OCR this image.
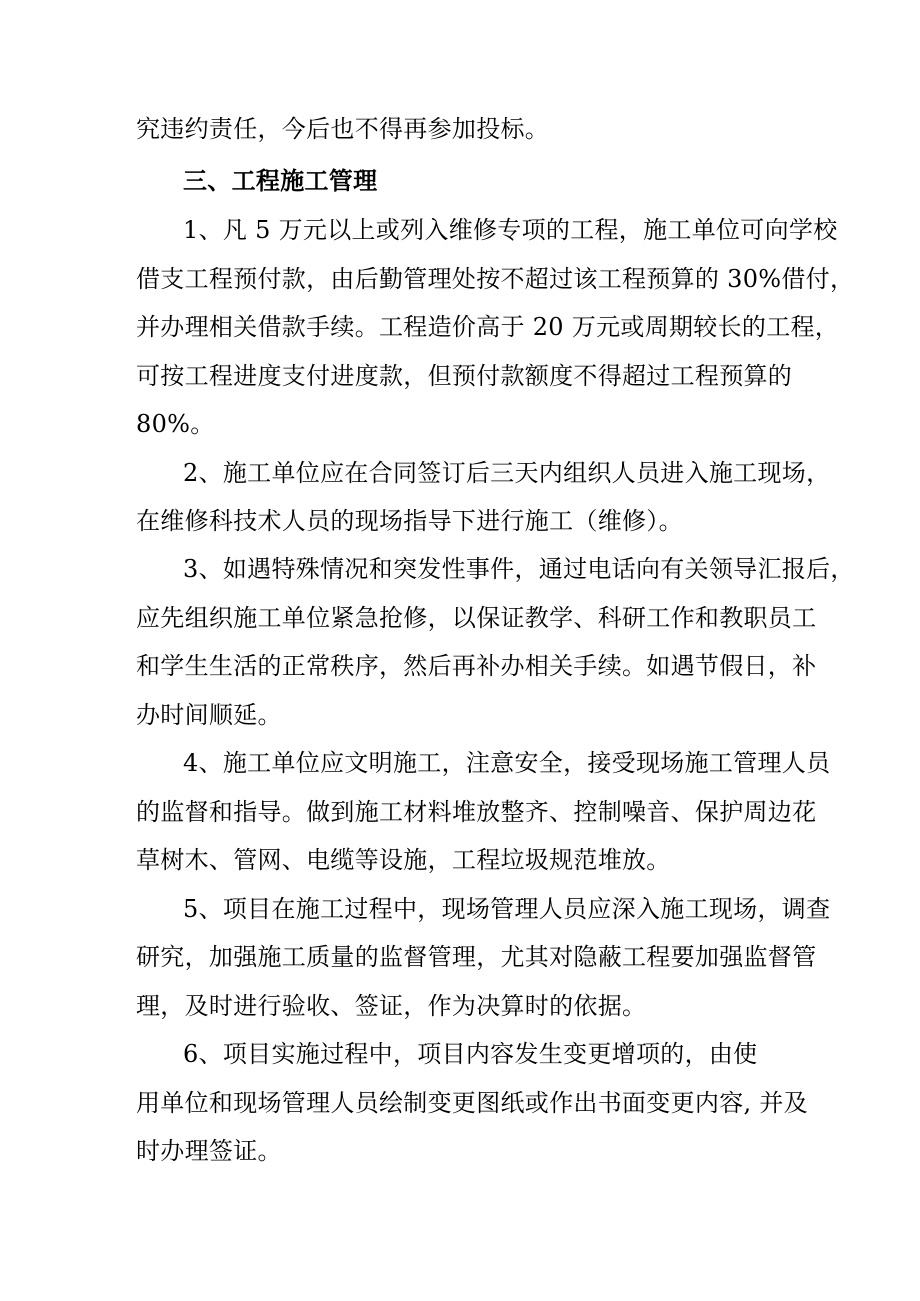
究违约责任，今后也不得再参加投标。

三、工程施工管理

1、凡 5 万元以上或列入维修专项的工程，施工单位可向学校

借支工程预付款，由后勤管理处按不超过该工程预算的 30%借付，

并办理相关借款手续。工程造价高于 20 万元或周期较长的工程，

可按工程进度支付进度款，但预付款额度不得超过工程预算的

80%。

2、施工单位应在合同签订后三天内组织人员进入施工现场，

在维修科技术人员的现场指导下进行施工（维修）。

3、如遇特殊情况和突发性事件，通过电话向有关领导汇报后，

应先组织施工单位紧急抢修，以保证教学、科研工作和教职员工

和学生生活的正常秩序，然后再补办相关手续。如遇节假日，补

办时间顺延。

4、施工单位应文明施工，注意安全，接受现场施工管理人员

的监督和指导。做到施工材料堆放整齐、控制噪音、保护周边花

草树木、管网、电缆等设施，工程垃圾规范堆放。

5、项目在施工过程中，现场管理人员应深入施工现场，调查

研究，加强施工质量的监督管理，尤其对隐蔽工程要加强监督管

理，及时进行验收、签证，作为决算时的依据。

6、项目实施过程中，项目内容发生变更增项的，由使

用单位和现场管理人员绘制变更图纸或作出书面变更内容, 并及

时办理签证。
